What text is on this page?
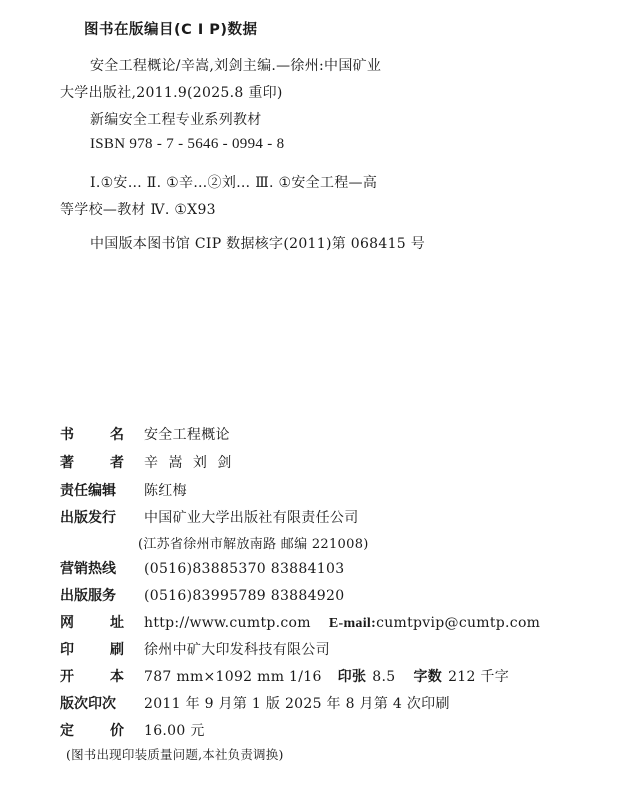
图书在版编目(C I P)数据
安全工程概论/辛嵩,刘剑主编.—徐州:中国矿业
大学出版社,2011.9(2025.8 重印)
新编安全工程专业系列教材
ISBN 978 - 7 - 5646 - 0994 - 8
Ⅰ.①安… Ⅱ. ①辛…②刘… Ⅲ. ①安全工程—高
等学校—教材 Ⅳ. ①X93
中国版本图书馆 CIP 数据核字(2011)第 068415 号
书	名 安全工程概论
著	者 辛 嵩 刘 剑
责任编辑	陈红梅
出版发行	中国矿业大学出版社有限责任公司
(江苏省徐州市解放南路 邮编 221008)
营销热线	(0516)83885370 83884103
出版服务	(0516)83995789 83884920
网	址 http://www.cumtp.com E-mail: cumtpvip@cumtp.com
印	刷 徐州中矿大印发科技有限公司
开	本 787 mm×1092 mm 1/16 印张 8.5 字数 212 千字
版次印次	2011 年 9 月第 1 版 2025 年 8 月第 4 次印刷
定	价 16.00 元
(图书出现印装质量问题,本社负责调换)
